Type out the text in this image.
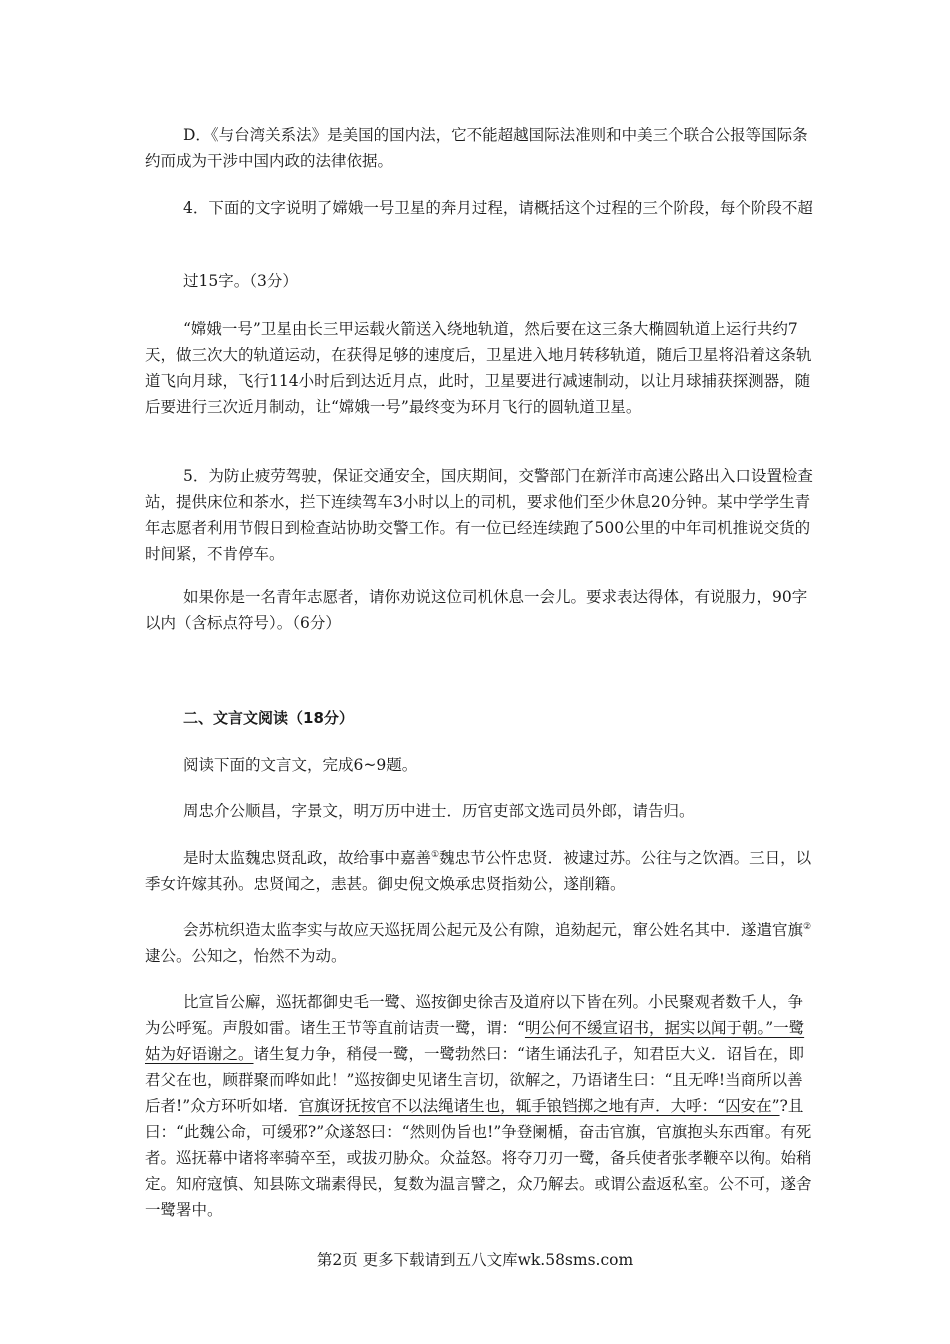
D．《与台湾关系法》是美国的国内法，它不能超越国际法准则和中美三个联合公报等国际条约而成为干涉中国内政的法律依据。

4．下面的文字说明了嫦娥一号卫星的奔月过程，请概括这个过程的三个阶段，每个阶段不超

过15字。（3分）

“嫦娥一号”卫星由长三甲运载火箭送入绕地轨道，然后要在这三条大椭圆轨道上运行共约7天，做三次大的轨道运动，在获得足够的速度后，卫星进入地月转移轨道，随后卫星将沿着这条轨道飞向月球，飞行114小时后到达近月点，此时，卫星要进行减速制动，以让月球捕获探测器，随后要进行三次近月制动，让“嫦娥一号”最终变为环月飞行的圆轨道卫星。

5．为防止疲劳驾驶，保证交通安全，国庆期间，交警部门在新洋市高速公路出入口设置检查站，提供床位和茶水，拦下连续驾车3小时以上的司机，要求他们至少休息20分钟。某中学学生青年志愿者利用节假日到检查站协助交警工作。有一位已经连续跑了500公里的中年司机推说交货的时间紧，不肯停车。

如果你是一名青年志愿者，请你劝说这位司机休息一会儿。要求表达得体，有说服力，90字以内（含标点符号）。（6分）

二、文言文阅读（18分）

阅读下面的文言文，完成6~9题。

周忠介公顺昌，字景文，明万历中进士．历官吏部文选司员外郎，请告归。

是时太监魏忠贤乱政，故给事中嘉善①魏忠节公忤忠贤．被逮过苏。公往与之饮酒。三日，以季女许嫁其孙。忠贤闻之，恚甚。御史倪文焕承忠贤指劾公，遂削籍。

会苏杭织造太监李实与故应天巡抚周公起元及公有隙，追劾起元，窜公姓名其中．遂遣官旗②逮公。公知之，怡然不为动。

比宣旨公廨，巡抚都御史毛一鹭、巡按御史徐吉及道府以下皆在列。小民聚观者数千人，争为公呼冤。声殷如雷。诸生王节等直前诘责一鹭，谓：“明公何不缓宣诏书，据实以闻于朝。”一鹭姑为好语谢之。诸生复力争，稍侵一鹭，一鹭勃然曰：“诸生诵法孔子，知君臣大义．诏旨在，即君父在也，顾群聚而哗如此！”巡按御史见诸生言切，欲解之，乃语诸生曰：“且无哗!当商所以善后者!”众方环听如堵．官旗讶抚按官不以法绳诸生也，辄手锒铛掷之地有声．大呼：“囚安在”?且曰：“此魏公命，可缓邪?”众遂怒曰：“然则伪旨也!”争登阑楯，奋击官旗，官旗抱头东西窜。有死者。巡抚幕中诸将率骑卒至，或拔刃胁众。众益怒。将夺刀刃一鹭，备兵使者张孝鞭卒以徇。始稍定。知府寇慎、知县陈文瑞素得民，复数为温言譬之，众乃解去。或谓公盍返私室。公不可，遂舍一鹭署中。

第2页 更多下载请到五八文库wk.58sms.com
